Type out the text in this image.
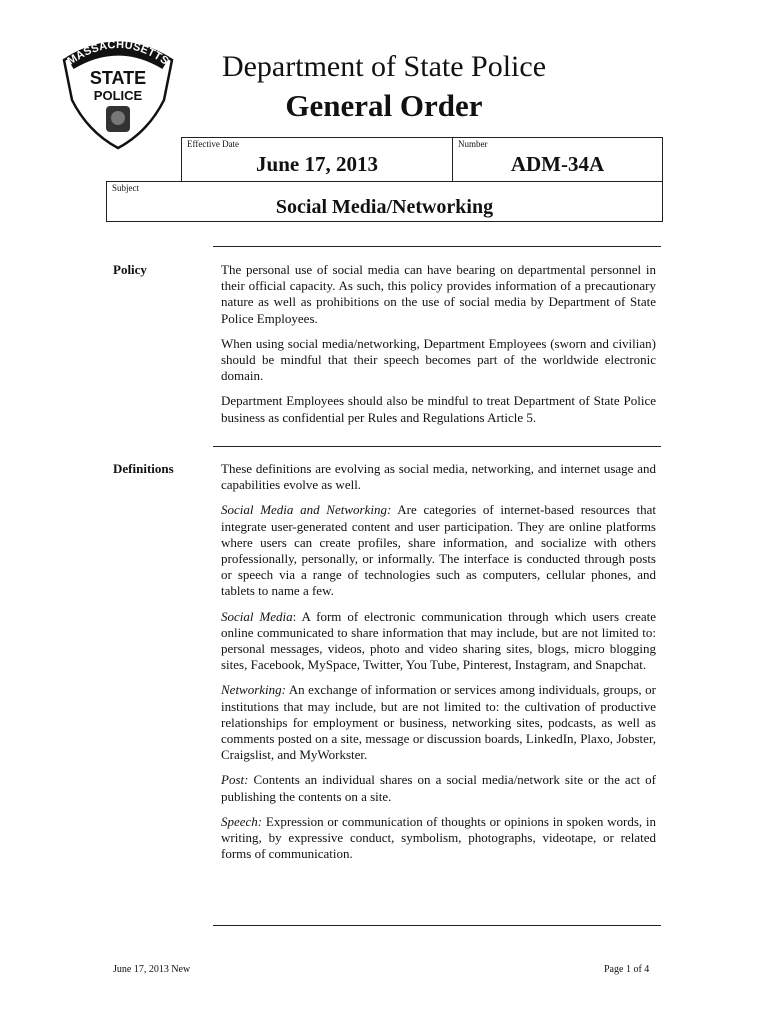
MASSACHUSETTS
STATE
POLICE
Department of State Police
General Order
Effective Date
June 17, 2013
Number
ADM-34A
Subject
Social Media/Networking
Policy	The personal use of social media can have bearing on departmental personnel in their official capacity. As such, this policy provides information of a precautionary nature as well as prohibitions on the use of social media by Department of State Police Employees.

When using social media/networking, Department Employees (sworn and civilian) should be mindful that their speech becomes part of the worldwide electronic domain.

Department Employees should also be mindful to treat Department of State Police business as confidential per Rules and Regulations Article 5.

Definitions	These definitions are evolving as social media, networking, and internet usage and capabilities evolve as well.

Social Media and Networking: Are categories of internet-based resources that integrate user-generated content and user participation. They are online platforms where users can create profiles, share information, and socialize with others professionally, personally, or informally. The interface is conducted through posts or speech via a range of technologies such as computers, cellular phones, and tablets to name a few.

Social Media: A form of electronic communication through which users create online communicated to share information that may include, but are not limited to: personal messages, videos, photo and video sharing sites, blogs, micro blogging sites, Facebook, MySpace, Twitter, You Tube, Pinterest, Instagram, and Snapchat.

Networking: An exchange of information or services among individuals, groups, or institutions that may include, but are not limited to: the cultivation of productive relationships for employment or business, networking sites, podcasts, as well as comments posted on a site, message or discussion boards, LinkedIn, Plaxo, Jobster, Craigslist, and MyWorkster.

Post: Contents an individual shares on a social media/network site or the act of publishing the contents on a site.

Speech: Expression or communication of thoughts or opinions in spoken words, in writing, by expressive conduct, symbolism, photographs, videotape, or related forms of communication.

June 17, 2013 New	Page 1 of 4
